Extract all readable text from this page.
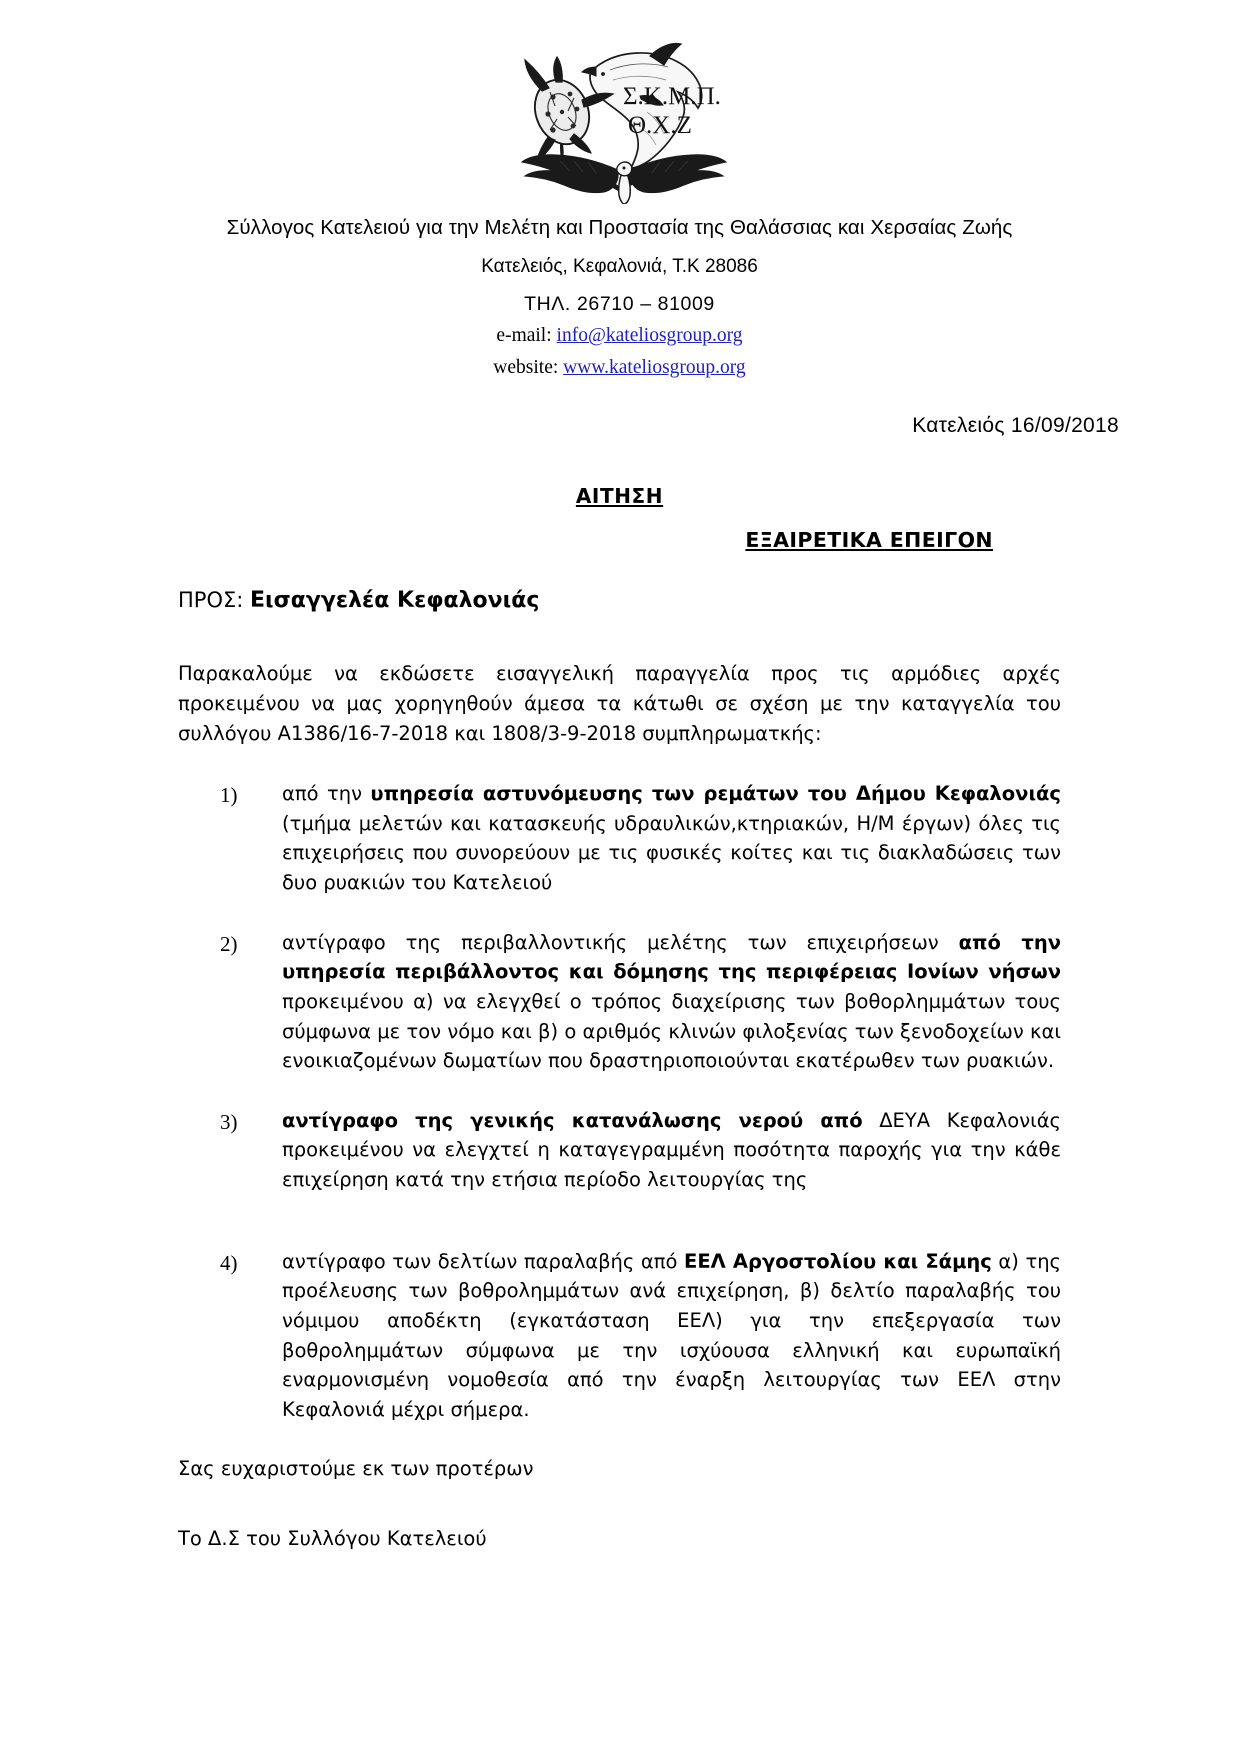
Σ.Κ.Μ.Π.
Θ.Χ.Ζ
Σύλλογος Κατελειού για την Μελέτη και Προστασία της Θαλάσσιας και Χερσαίας Ζωής
Κατελειός, Κεφαλονιά, Τ.Κ 28086
ΤΗΛ. 26710 – 81009
e-mail: info@kateliosgroup.org
website: www.kateliosgroup.org
Κατελειός 16/09/2018
ΑΙΤΗΣΗ
ΕΞΑΙΡΕΤΙΚΑ ΕΠΕΙΓΟΝ
ΠΡΟΣ: Εισαγγελέα Κεφαλονιάς
Παρακαλούμε να εκδώσετε εισαγγελική παραγγελία προς τις αρμόδιες αρχές προκειμένου να μας χορηγηθούν άμεσα τα κάτωθι σε σχέση με την καταγγελία του συλλόγου Α1386/16-7-2018 και 1808/3-9-2018 συμπληρωματκής:
1)	από την υπηρεσία αστυνόμευσης των ρεμάτων του Δήμου Κεφαλονιάς (τμήμα μελετών και κατασκευής υδραυλικών,κτηριακών, Η/Μ έργων) όλες τις επιχειρήσεις που συνορεύουν με τις φυσικές κοίτες και τις διακλαδώσεις των δυο ρυακιών του Κατελειού
2)	αντίγραφο της περιβαλλοντικής μελέτης των επιχειρήσεων από την υπηρεσία περιβάλλοντος και δόμησης της περιφέρειας Ιονίων νήσων προκειμένου α) να ελεγχθεί ο τρόπος διαχείρισης των βοθορληµµάτων τους σύμφωνα με τον νόμο και β) ο αριθμός κλινών φιλοξενίας των ξενοδοχείων και ενοικιαζομένων δωματίων που δραστηριοποιούνται εκατέρωθεν των ρυακιών.
3)	αντίγραφο της γενικής κατανάλωσης νερού από ΔΕΥΑ Κεφαλονιάς προκειμένου να ελεγχτεί η καταγεγραμμένη ποσότητα παροχής για την κάθε επιχείρηση κατά την ετήσια περίοδο λειτουργίας της
4)	αντίγραφο των δελτίων παραλαβής από ΕΕΛ Αργοστολίου και Σάμης α) της προέλευσης των βοθρολημμάτων ανά επιχείρηση, β) δελτίο παραλαβής του νόμιμου αποδέκτη (εγκατάσταση ΕΕΛ) για την επεξεργασία των βοθρολημμάτων σύμφωνα με την ισχύουσα ελληνική και ευρωπαϊκή εναρμονισμένη νομοθεσία από την έναρξη λειτουργίας των ΕΕΛ στην Κεφαλονιά μέχρι σήμερα.
Σας ευχαριστούμε εκ των προτέρων
Το Δ.Σ του Συλλόγου Κατελειού
